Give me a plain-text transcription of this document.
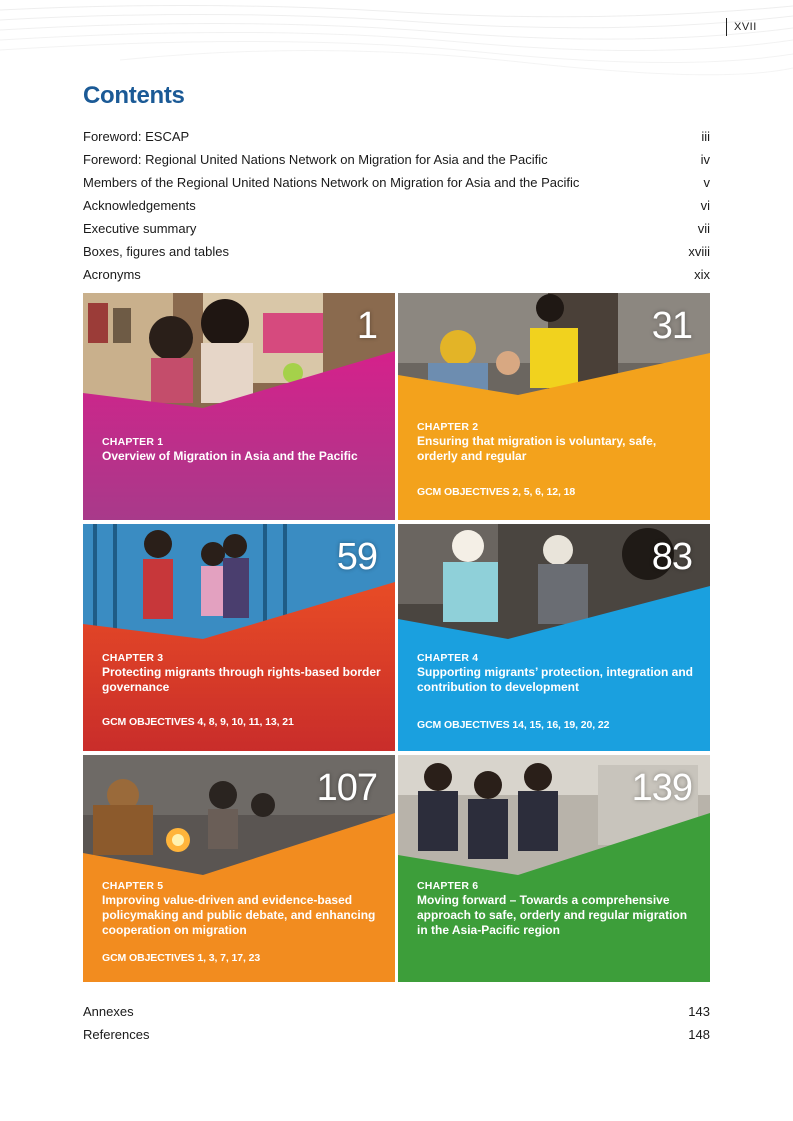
XVII
Contents
Foreword: ESCAP	iii
Foreword: Regional United Nations Network on Migration for Asia and the Pacific	iv
Members of the Regional United Nations Network on Migration for Asia and the Pacific	v
Acknowledgements	vi
Executive summary	vii
Boxes, figures and tables	xviii
Acronyms	xix
1
CHAPTER 1
Overview of Migration in Asia and the Pacific
31
CHAPTER 2
Ensuring that migration is voluntary, safe, orderly and regular
GCM OBJECTIVES 2, 5, 6, 12, 18
59
CHAPTER 3
Protecting migrants through rights-based border governance
GCM OBJECTIVES 4, 8, 9, 10, 11, 13, 21
83
CHAPTER 4
Supporting migrants’ protection, integration and contribution to development
GCM OBJECTIVES 14, 15, 16, 19, 20, 22
107
CHAPTER 5
Improving value-driven and evidence-based policymaking and public debate, and enhancing cooperation on migration
GCM OBJECTIVES 1, 3, 7, 17, 23
139
CHAPTER 6
Moving forward – Towards a comprehensive approach to safe, orderly and regular migration in the Asia-Pacific region
Annexes	143
References	148
